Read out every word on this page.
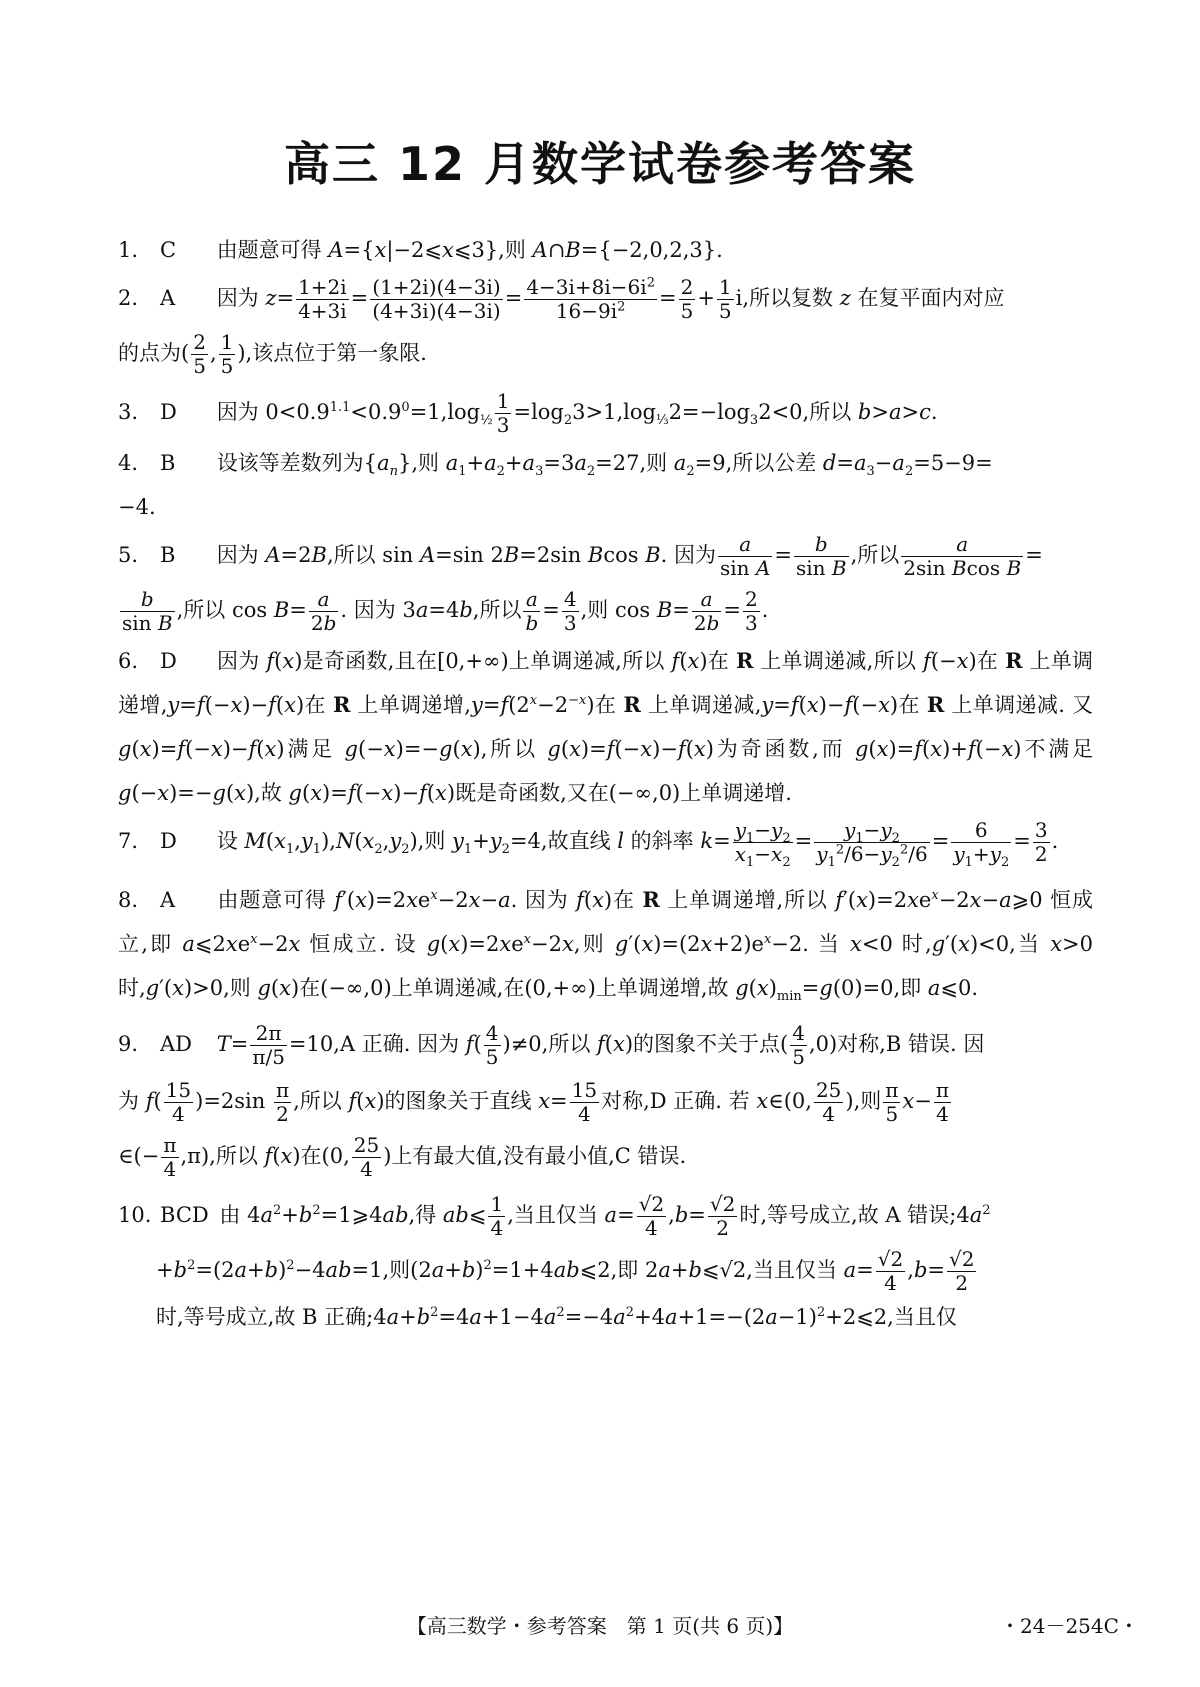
高三 12 月数学试卷参考答案
1. C 由题意可得 A={x|−2⩽x⩽3},则 A∩B={−2,0,2,3}.
2. A 因为 $z= \frac{1+2i}{4+3i} = \frac{(1+2i)(4-3i)}{(4+3i)(4-3i)} = \frac{4-3i+8i-6i^2}{16-9i^2} = \frac{2}{5} + \frac{1}{5} i$,所以复数 z 在复平面内对应
的点为( $\frac{2}{5}$ , $\frac{1}{5}$ ),该点位于第一象限.
3. D 因为 $0<0.9^{1.1}<0.9^0=1,\log_{\frac{1}{2}} \frac{1}{3} =\log_23>1,\log_{\frac{1}{3}}2=-\log_32<0$,所以 b>a>c.
4. B 设该等差数列为$\{a_n\}$,则 $a_1+a_2+a_3=3a_2=27$,则 $a_2=9$,所以公差 $d=a_3-a_2=5-9=$
−4.
5. B 因为 A=2B,所以 sin A=sin 2B=2sin Bcos B. 因为 $\frac{a}{\text{sin A}} = \frac{b}{\text{sin B}}$ ,所以 $\frac{a}{\text{2sin Bcos B}}$ =
$\frac{b}{\text{sin B}}$ ,所以 $\cos B= \frac{a}{2b}$ . 因为 3a=4b,所以 $\frac{a}{b} = \frac{4}{3}$ ,则 $\cos B= \frac{a}{2b} = \frac{2}{3}$ .
6. D 因为 f(x)是奇函数,且在[0,+∞)上单调递减,所以 f(x)在 R 上单调递减,所以 f(−x)在 R 上单调递增,y=f(−x)−f(x)在 R 上单调递增$,y=f(2^x-2^{-x})$在 R 上单调递减,y=f(x)−f(−x)在 R 上单调递减. 又 g(x)=f(−x)−f(x)满足 g(−x)=−g(x),所以 g(x)=f(−x)−f(x)为奇函数,而 g(x)=f(x)+f(−x)不满足 g(−x)=−g(x),故 g(x)=f(−x)−f(x)既是奇函数,又在(−∞,0)上单调递增.
7. D 设 $M(x_1,y_1),N(x_2,y_2)$,则 $y_1+y_2=4$,故直线 l 的斜率 $k= \frac{y_1-y_2}{x_1-x_2} = \frac{y_1-y_2}{y_1^2/6-y_2^2/6} = \frac{6}{y_1+y_2} = \frac{3}{2}$ .
8. A 由题意可得 $f'(x)=2xe^x-2x-a$. 因为 f(x)在 R 上单调递增,所以 $f'(x)=2xe^x-2x-a⩾0$ 恒成立,即 $a⩽2xe^x-2x$ 恒成立. 设 $g(x)=2xe^x-2x$,则 $g'(x)=(2x+2)e^x-2$. 当 x<0 时,g′(x)<0,当 x>0 时,g′(x)>0,则 g(x)在(−∞,0)上单调递减,在(0,+∞)上单调递增,故 $g(x)_{min}=g(0)=0$,即 a⩽0.
9. AD $T= \frac{2\pi}{\pi/5} =10,A$ 正确. 因为 $f( \frac{4}{5} )\ne 0$,所以 f(x)的图象不关于点( $\frac{4}{5} ,0$)对称,B 错误. 因
为 $f( \frac{15}{4} )=2\sin \frac{\pi}{2}$ ,所以 f(x)的图象关于直线 $x= \frac{15}{4}$ 对称,D 正确. 若 x∈(0, $\frac{25}{4}$ ),则 $\frac{\pi}{5} x- \frac{\pi}{4}$
∈(− $\frac{\pi}{4} ,\pi$),所以 f(x)在(0, $\frac{25}{4}$ )上有最大值,没有最小值,C 错误.
10. BCD 由 $4a^2+b^2=1⩾4ab$,得 ab⩽ $\frac{1}{4}$ ,当且仅当 $a= \frac{√2}{4} ,b= \frac{√2}{2}$ 时,等号成立,故 A 错误$;4a^2$
$+b^2=(2a+b)^2-4ab=1$,则$(2a+b)^2=1+4ab⩽2$,即 2a+b⩽√2,当且仅当 $a= \frac{√2}{4} ,b= \frac{√2}{2}$
时,等号成立,故 B 正确$;4a+b^2=4a+1-4a^2=-4a^2+4a+1=-(2a-1)^2+2⩽2$,当且仅
【高三数学・参考答案　第 1 页(共 6 页)】	・24－254C・
